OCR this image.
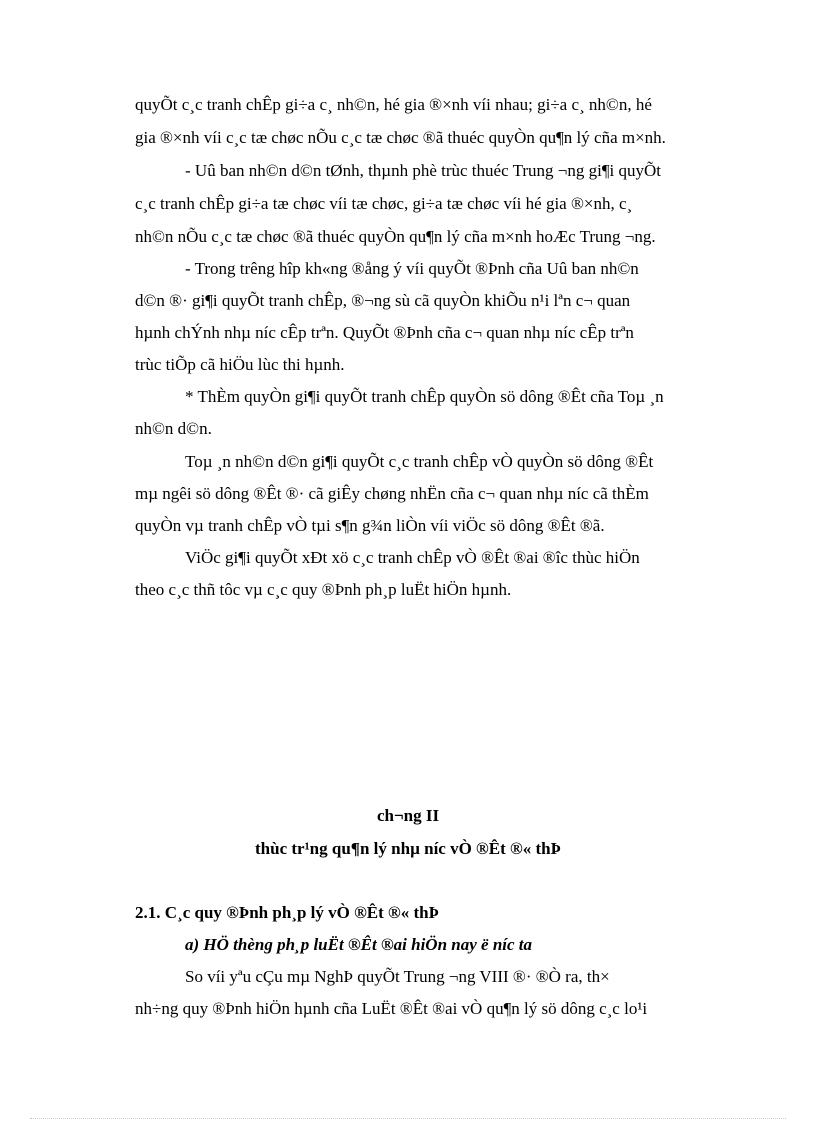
quyÕt c¸c tranh chÊp gi÷a c¸ nh©n, hé gia ®×nh víi nhau; gi÷a c¸ nh©n, hé
gia ®×nh víi c¸c tæ chøc nÕu c¸c tæ chøc ®ã thuéc quyÒn qu¶n lý cña m×nh.
- Uû ban nh©n d©n tØnh, thµnh phè trùc thuéc Trung ¬ng gi¶i quyÕt
c¸c tranh chÊp gi÷a tæ chøc víi tæ chøc, gi÷a tæ chøc víi hé gia ®×nh, c¸
nh©n nÕu c¸c tæ chøc ®ã thuéc quyÒn qu¶n lý cña m×nh hoÆc Trung ¬ng.
- Trong trêng hîp kh«ng ®ång ý víi quyÕt ®Þnh cña Uû ban nh©n
d©n ®· gi¶i quyÕt tranh chÊp, ®¬ng sù cã quyÒn khiÕu n¹i lªn c¬ quan
hµnh chÝnh nhµ níc cÊp trªn. QuyÕt ®Þnh cña c¬ quan nhµ níc cÊp trªn
trùc tiÕp cã hiÖu lùc thi hµnh.
* ThÈm quyÒn gi¶i quyÕt tranh chÊp quyÒn sö dông ®Êt cña Toµ ¸n
nh©n d©n.
Toµ ¸n nh©n d©n gi¶i quyÕt c¸c tranh chÊp vÒ quyÒn sö dông ®Êt
mµ ngêi sö dông ®Êt ®· cã giÊy chøng nhËn cña c¬ quan nhµ níc cã thÈm
quyÒn vµ tranh chÊp vÒ tµi s¶n g¾n liÒn víi viÖc sö dông ®Êt ®ã.
ViÖc gi¶i quyÕt xÐt xö c¸c tranh chÊp vÒ ®Êt ®ai ®îc thùc hiÖn
theo c¸c thñ tôc vµ c¸c quy ®Þnh ph¸p luËt hiÖn hµnh.
ch¬ng II
thùc tr¹ng qu¶n lý nhµ níc vÒ ®Êt ®« thÞ
2.1. C¸c quy ®Þnh ph¸p lý vÒ ®Êt ®« thÞ
a) HÖ thèng ph¸p luËt ®Êt ®ai hiÖn nay ë níc ta
So víi yªu cÇu mµ NghÞ quyÕt Trung ¬ng VIII ®· ®Ò ra, th×
nh÷ng quy ®Þnh hiÖn hµnh cña LuËt ®Êt ®ai vÒ qu¶n lý sö dông c¸c lo¹i
